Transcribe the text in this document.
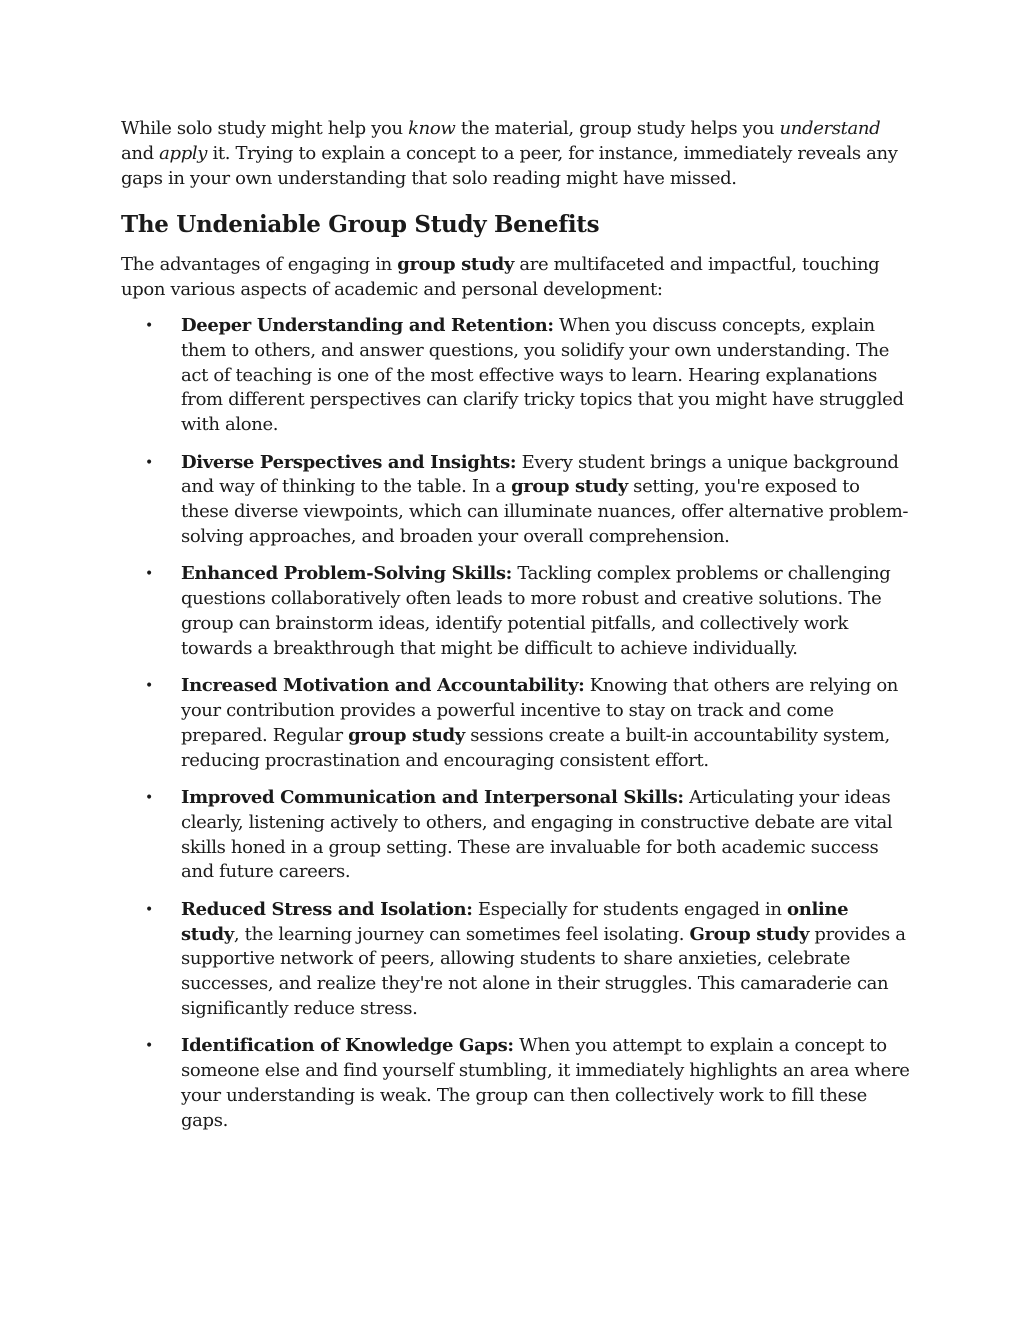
While solo study might help you know the material, group study helps you understand and apply it. Trying to explain a concept to a peer, for instance, immediately reveals any gaps in your own understanding that solo reading might have missed.

The Undeniable Group Study Benefits

The advantages of engaging in group study are multifaceted and impactful, touching upon various aspects of academic and personal development:

• Deeper Understanding and Retention: When you discuss concepts, explain them to others, and answer questions, you solidify your own understanding. The act of teaching is one of the most effective ways to learn. Hearing explanations from different perspectives can clarify tricky topics that you might have struggled with alone.
• Diverse Perspectives and Insights: Every student brings a unique background and way of thinking to the table. In a group study setting, you're exposed to these diverse viewpoints, which can illuminate nuances, offer alternative problem-solving approaches, and broaden your overall comprehension.
• Enhanced Problem-Solving Skills: Tackling complex problems or challenging questions collaboratively often leads to more robust and creative solutions. The group can brainstorm ideas, identify potential pitfalls, and collectively work towards a breakthrough that might be difficult to achieve individually.
• Increased Motivation and Accountability: Knowing that others are relying on your contribution provides a powerful incentive to stay on track and come prepared. Regular group study sessions create a built-in accountability system, reducing procrastination and encouraging consistent effort.
• Improved Communication and Interpersonal Skills: Articulating your ideas clearly, listening actively to others, and engaging in constructive debate are vital skills honed in a group setting. These are invaluable for both academic success and future careers.
• Reduced Stress and Isolation: Especially for students engaged in online study, the learning journey can sometimes feel isolating. Group study provides a supportive network of peers, allowing students to share anxieties, celebrate successes, and realize they're not alone in their struggles. This camaraderie can significantly reduce stress.
• Identification of Knowledge Gaps: When you attempt to explain a concept to someone else and find yourself stumbling, it immediately highlights an area where your understanding is weak. The group can then collectively work to fill these gaps.
